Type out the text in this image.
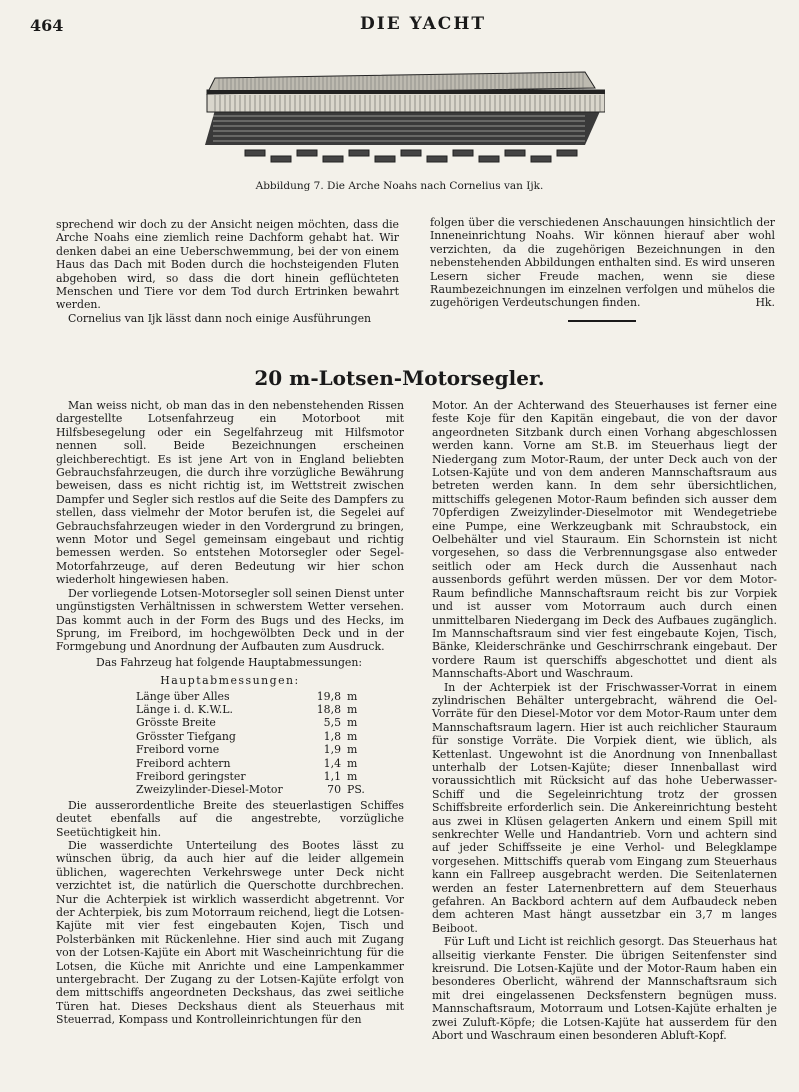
464	DIE YACHT
Abbildung 7. Die Arche Noahs nach Cornelius van Ijk.

sprechend wir doch zu der Ansicht neigen möchten, dass die Arche Noahs eine ziemlich reine Dachform gehabt hat. Wir denken dabei an eine Ueberschwemmung, bei der von einem Haus das Dach mit Boden durch die hochsteigenden Fluten abgehoben wird, so dass die dort hinein geflüchteten Menschen und Tiere vor dem Tod durch Ertrinken bewahrt werden.

Cornelius van Ijk lässt dann noch einige Ausführungen

folgen über die verschiedenen Anschauungen hinsichtlich der Inneneinrichtung Noahs. Wir können hierauf aber wohl verzichten, da die zugehörigen Bezeichnungen in den nebenstehenden Abbildungen enthalten sind. Es wird unseren Lesern sicher Freude machen, wenn sie diese Raumbezeichnungen im einzelnen verfolgen und mühelos die zugehörigen Verdeutschungen finden.	Hk.

20 m-Lotsen-Motorsegler.

Man weiss nicht, ob man das in den nebenstehenden Rissen dargestellte Lotsenfahrzeug ein Motorboot mit Hilfsbesegelung oder ein Segelfahrzeug mit Hilfsmotor nennen soll. Beide Bezeichnungen erscheinen gleichberechtigt. Es ist jene Art von in England beliebten Gebrauchsfahrzeugen, die durch ihre vorzügliche Bewährung beweisen, dass es nicht richtig ist, im Wettstreit zwischen Dampfer und Segler sich restlos auf die Seite des Dampfers zu stellen, dass vielmehr der Motor berufen ist, die Segelei auf Gebrauchsfahrzeugen wieder in den Vordergrund zu bringen, wenn Motor und Segel gemeinsam eingebaut und richtig bemessen werden. So entstehen Motorsegler oder Segel-Motorfahrzeuge, auf deren Bedeutung wir hier schon wiederholt hingewiesen haben.

Der vorliegende Lotsen-Motorsegler soll seinen Dienst unter ungünstigsten Verhältnissen in schwerstem Wetter versehen. Das kommt auch in der Form des Bugs und des Hecks, im Sprung, im Freibord, im hochgewölbten Deck und in der Formgebung und Anordnung der Aufbauten zum Ausdruck.

Das Fahrzeug hat folgende Hauptabmessungen:

Hauptabmessungen:

Länge über Alles	19,8	m
Länge i. d. K.W.L.	18,8	m
Grösste Breite	5,5	m
Grösster Tiefgang	1,8	m
Freibord vorne	1,9	m
Freibord achtern	1,4	m
Freibord geringster	1,1	m
Zweizylinder-Diesel-Motor	70	PS.

Die ausserordentliche Breite des steuerlastigen Schiffes deutet ebenfalls auf die angestrebte, vorzügliche Seetüchtigkeit hin.

Die wasserdichte Unterteilung des Bootes lässt zu wünschen übrig, da auch hier auf die leider allgemein üblichen, wagerechten Verkehrswege unter Deck nicht verzichtet ist, die natürlich die Querschotte durchbrechen. Nur die Achterpiek ist wirklich wasserdicht abgetrennt. Vor der Achterpiek, bis zum Motorraum reichend, liegt die Lotsen-Kajüte mit vier fest eingebauten Kojen, Tisch und Polsterbänken mit Rückenlehne. Hier sind auch mit Zugang von der Lotsen-Kajüte ein Abort mit Wascheinrichtung für die Lotsen, die Küche mit Anrichte und eine Lampenkammer untergebracht. Der Zugang zu der Lotsen-Kajüte erfolgt von dem mittschiffs angeordneten Deckshaus, das zwei seitliche Türen hat. Dieses Deckshaus dient als Steuerhaus mit Steuerrad, Kompass und Kontrolleinrichtungen für den

Motor. An der Achterwand des Steuerhauses ist ferner eine feste Koje für den Kapitän eingebaut, die von der davor angeordneten Sitzbank durch einen Vorhang abgeschlossen werden kann. Vorne am St.B. im Steuerhaus liegt der Niedergang zum Motor-Raum, der unter Deck auch von der Lotsen-Kajüte und von dem anderen Mannschaftsraum aus betreten werden kann. In dem sehr übersichtlichen, mittschiffs gelegenen Motor-Raum befinden sich ausser dem 70pferdigen Zweizylinder-Dieselmotor mit Wendegetriebe eine Pumpe, eine Werkzeugbank mit Schraubstock, ein Oelbehälter und viel Stauraum. Ein Schornstein ist nicht vorgesehen, so dass die Verbrennungsgase also entweder seitlich oder am Heck durch die Aussenhaut nach aussenbords geführt werden müssen. Der vor dem Motor-Raum befindliche Mannschaftsraum reicht bis zur Vorpiek und ist ausser vom Motorraum auch durch einen unmittelbaren Niedergang im Deck des Aufbaues zugänglich. Im Mannschaftsraum sind vier fest eingebaute Kojen, Tisch, Bänke, Kleiderschränke und Geschirrschrank eingebaut. Der vordere Raum ist querschiffs abgeschottet und dient als Mannschafts-Abort und Waschraum.

In der Achterpiek ist der Frischwasser-Vorrat in einem zylindrischen Behälter untergebracht, während die Oel-Vorräte für den Diesel-Motor vor dem Motor-Raum unter dem Mannschaftsraum lagern. Hier ist auch reichlicher Stauraum für sonstige Vorräte. Die Vorpiek dient, wie üblich, als Kettenlast. Ungewohnt ist die Anordnung von Innenballast unterhalb der Lotsen-Kajüte; dieser Innenballast wird voraussichtlich mit Rücksicht auf das hohe Ueberwasser-Schiff und die Segeleinrichtung trotz der grossen Schiffsbreite erforderlich sein. Die Ankereinrichtung besteht aus zwei in Klüsen gelagerten Ankern und einem Spill mit senkrechter Welle und Handantrieb. Vorn und achtern sind auf jeder Schiffsseite je eine Verhol- und Belegklampe vorgesehen. Mittschiffs querab vom Eingang zum Steuerhaus kann ein Fallreep ausgebracht werden. Die Seitenlaternen werden an fester Laternenbrettern auf dem Steuerhaus gefahren. An Backbord achtern auf dem Aufbaudeck neben dem achteren Mast hängt aussetzbar ein 3,7 m langes Beiboot.

Für Luft und Licht ist reichlich gesorgt. Das Steuerhaus hat allseitig vierkante Fenster. Die übrigen Seitenfenster sind kreisrund. Die Lotsen-Kajüte und der Motor-Raum haben ein besonderes Oberlicht, während der Mannschaftsraum sich mit drei eingelassenen Decksfenstern begnügen muss. Mannschaftsraum, Motorraum und Lotsen-Kajüte erhalten je zwei Zuluft-Köpfe; die Lotsen-Kajüte hat ausserdem für den Abort und Waschraum einen besonderen Abluft-Kopf.
